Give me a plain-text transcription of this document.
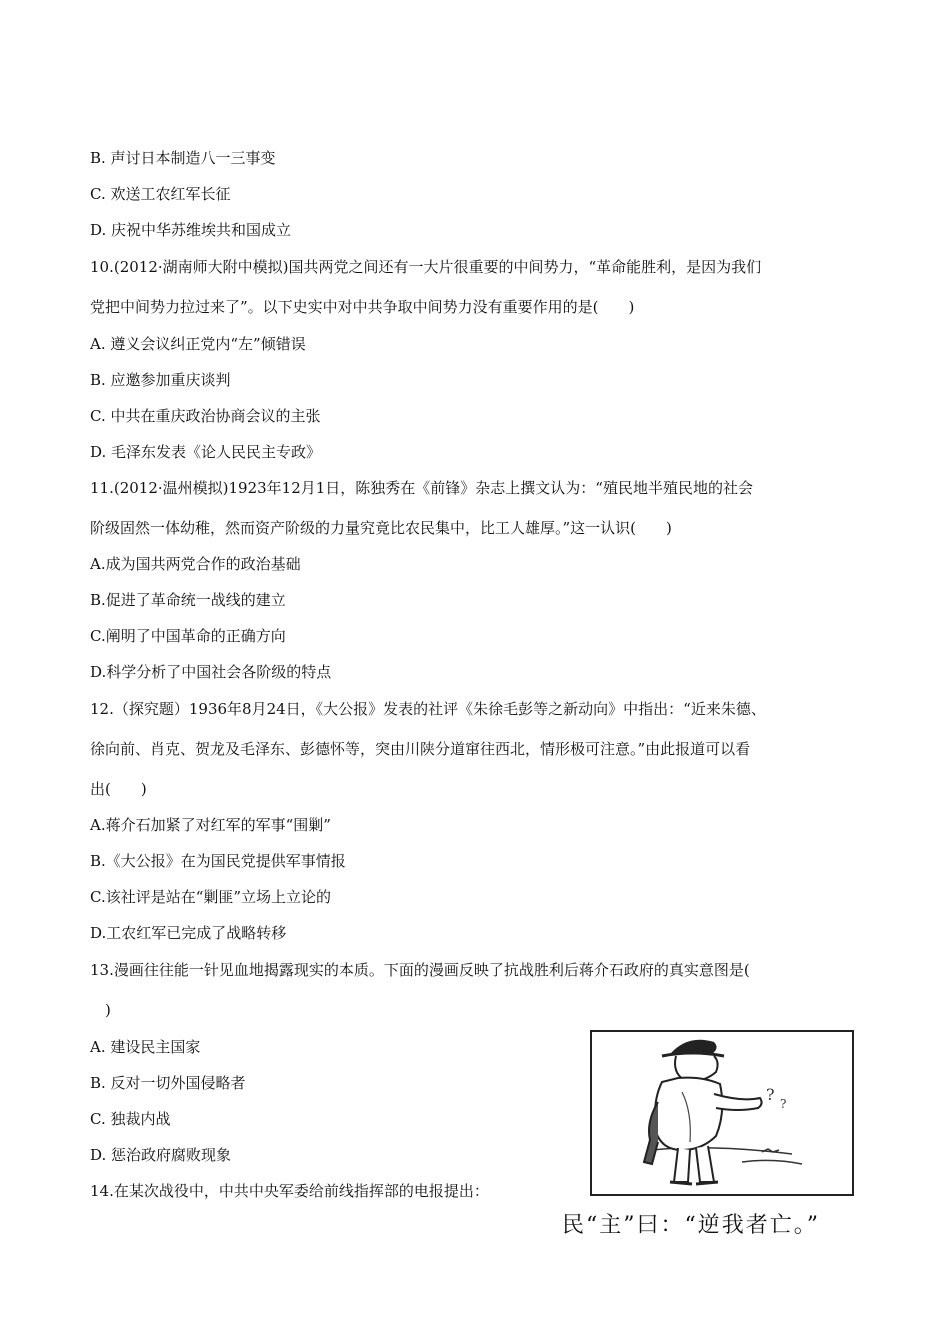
B. 声讨日本制造八一三事变
C. 欢送工农红军长征
D. 庆祝中华苏维埃共和国成立
10.(2012·湖南师大附中模拟)国共两党之间还有一大片很重要的中间势力，“革命能胜利，是因为我们
党把中间势力拉过来了”。以下史实中对中共争取中间势力没有重要作用的是(　　)
A. 遵义会议纠正党内“左”倾错误
B. 应邀参加重庆谈判
C. 中共在重庆政治协商会议的主张
D. 毛泽东发表《论人民民主专政》
11.(2012·温州模拟)1923年12月1日，陈独秀在《前锋》杂志上撰文认为：“殖民地半殖民地的社会
阶级固然一体幼稚，然而资产阶级的力量究竟比农民集中，比工人雄厚。”这一认识(　　)
A.成为国共两党合作的政治基础
B.促进了革命统一战线的建立
C.阐明了中国革命的正确方向
D.科学分析了中国社会各阶级的特点
12.（探究题）1936年8月24日，《大公报》发表的社评《朱徐毛彭等之新动向》中指出：“近来朱德、
徐向前、肖克、贺龙及毛泽东、彭德怀等，突由川陕分道窜往西北，情形极可注意。”由此报道可以看
出(　　)
A.蒋介石加紧了对红军的军事“围剿”
B.《大公报》在为国民党提供军事情报
C.该社评是站在“剿匪”立场上立论的
D.工农红军已完成了战略转移
13.漫画往往能一针见血地揭露现实的本质。下面的漫画反映了抗战胜利后蒋介石政府的真实意图是(
　)
A. 建设民主国家
B. 反对一切外国侵略者
C. 独裁内战
D. 惩治政府腐败现象
14.在某次战役中，中共中央军委给前线指挥部的电报提出：
? ?
民“主”曰：“逆我者亡。”
